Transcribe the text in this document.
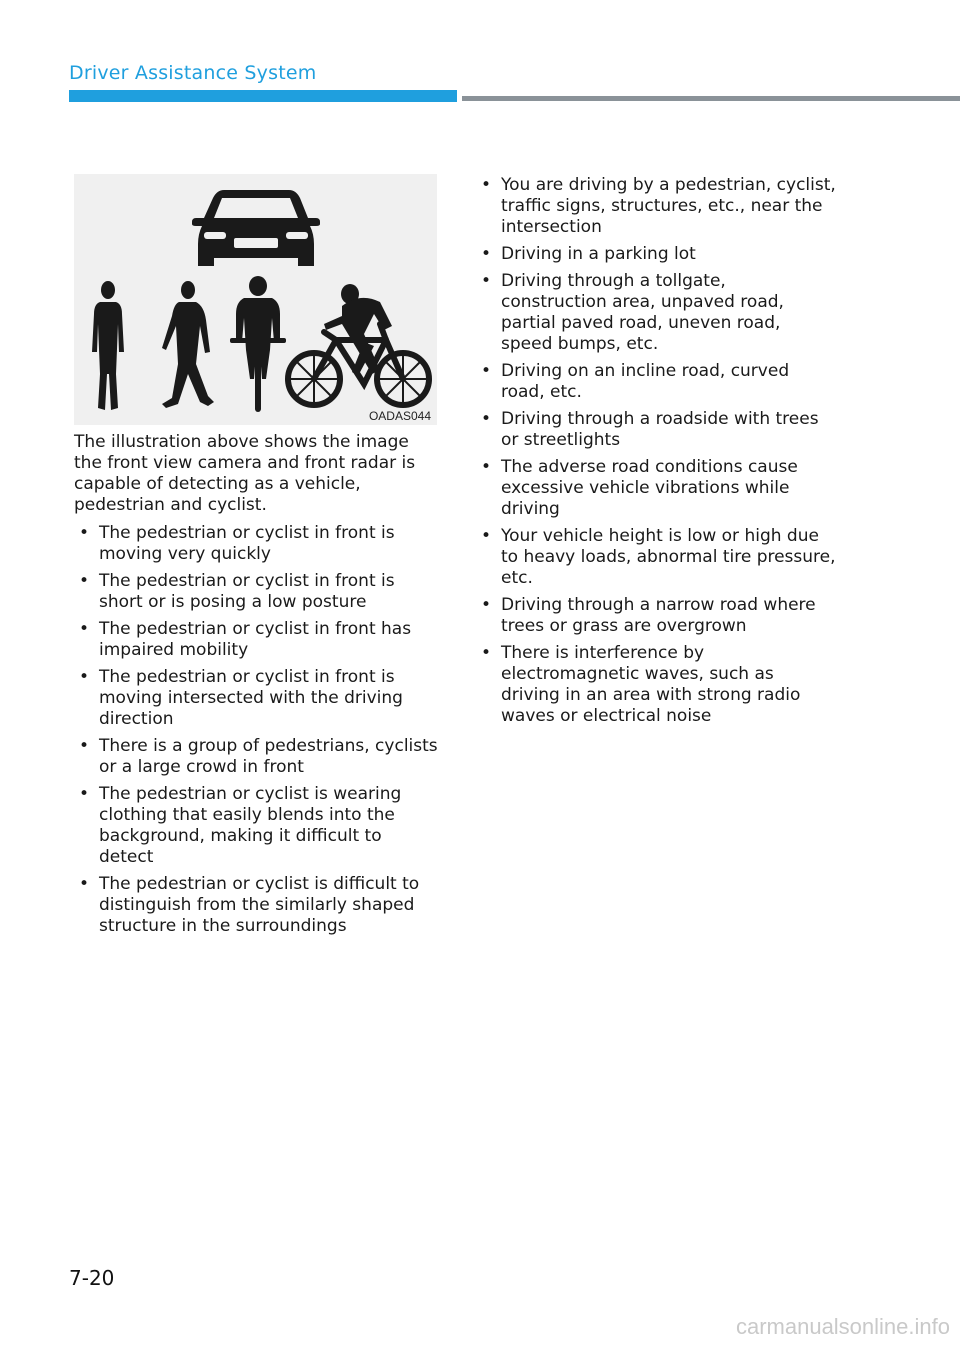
Driver Assistance System
OADAS044

The illustration above shows the image the front view camera and front radar is capable of detecting as a vehicle, pedestrian and cyclist.

• The pedestrian or cyclist in front is moving very quickly
• The pedestrian or cyclist in front is short or is posing a low posture
• The pedestrian or cyclist in front has impaired mobility
• The pedestrian or cyclist in front is moving intersected with the driving direction
• There is a group of pedestrians, cyclists or a large crowd in front
• The pedestrian or cyclist is wearing clothing that easily blends into the background, making it difficult to detect
• The pedestrian or cyclist is difficult to distinguish from the similarly shaped structure in the surroundings
• You are driving by a pedestrian, cyclist, traffic signs, structures, etc., near the intersection
• Driving in a parking lot
• Driving through a tollgate, construction area, unpaved road, partial paved road, uneven road, speed bumps, etc.
• Driving on an incline road, curved road, etc.
• Driving through a roadside with trees or streetlights
• The adverse road conditions cause excessive vehicle vibrations while driving
• Your vehicle height is low or high due to heavy loads, abnormal tire pressure, etc.
• Driving through a narrow road where trees or grass are overgrown
• There is interference by electromagnetic waves, such as driving in an area with strong radio waves or electrical noise
7-20
carmanualsonline.info
